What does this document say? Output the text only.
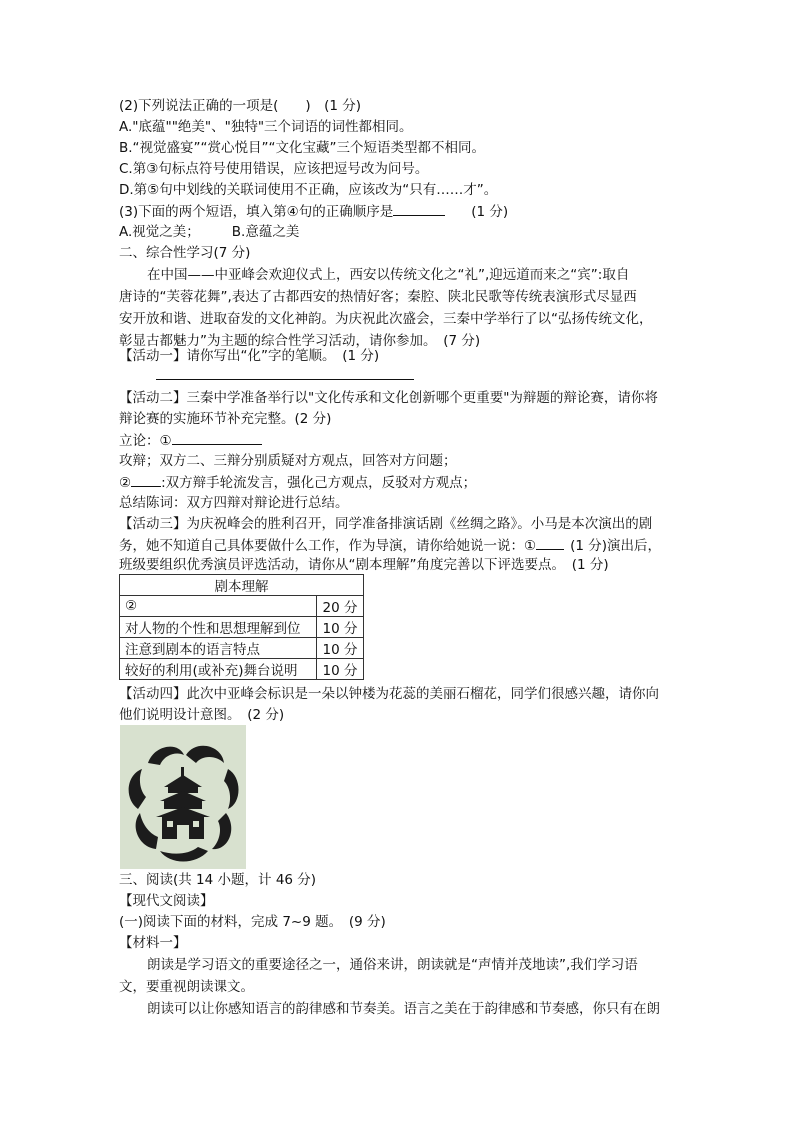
(2)下列说法正确的一项是(　　)　(1 分)
A."底蕴""绝美"、"独特"三个词语的词性都相同。
B.“视觉盛宴”“赏心悦目”“文化宝藏”三个短语类型都不相同。
C.第③句标点符号使用错误，应该把逗号改为问号。
D.第⑤句中划线的关联词使用不正确，应该改为“只有……才”。
(3)下面的两个短语，填入第④句的正确顺序是	(1 分)
A.视觉之美； B.意蕴之美
二、综合性学习(7 分)
在中国——中亚峰会欢迎仪式上，西安以传统文化之“礼”,迎远道而来之“宾”:取自
唐诗的“芙蓉花舞”,表达了古都西安的热情好客；秦腔、陕北民歌等传统表演形式尽显西
安开放和谐、进取奋发的文化神韵。为庆祝此次盛会，三秦中学举行了以“弘扬传统文化，
彰显古都魅力”为主题的综合性学习活动，请你参加。　(7 分)
【活动一】请你写出“化”字的笔顺。　(1 分)
【活动二】三秦中学准备举行以"文化传承和文化创新哪个更重要"为辩题的辩论赛，请你将
辩论赛的实施环节补充完整。(2 分)
立论：①
攻辩；双方二、三辩分别质疑对方观点，回答对方问题；
② :双方辩手轮流发言，强化己方观点，反驳对方观点；
总结陈词：双方四辩对辩论进行总结。
【活动三】为庆祝峰会的胜利召开，同学准备排演话剧《丝绸之路》。小马是本次演出的剧
务，她不知道自己具体要做什么工作，作为导演，请你给她说一说：①	(1 分)演出后，
班级要组织优秀演员评选活动，请你从“剧本理解”角度完善以下评选要点。　(1 分)
剧本理解	
②	20 分
对人物的个性和思想理解到位	10 分
注意到剧本的语言特点	10 分
较好的利用(或补充)舞台说明	10 分
【活动四】此次中亚峰会标识是一朵以钟楼为花蕊的美丽石榴花，同学们很感兴趣，请你向
他们说明设计意图。　(2 分)
三、阅读(共 14 小题，计 46 分)
【现代文阅读】
(一)阅读下面的材料，完成 7~9 题。　(9 分)
【材料一】
朗读是学习语文的重要途径之一，通俗来讲，朗读就是“声情并茂地读”,我们学习语
文，要重视朗读课文。
朗读可以让你感知语言的韵律感和节奏美。语言之美在于韵律感和节奏感，你只有在朗
